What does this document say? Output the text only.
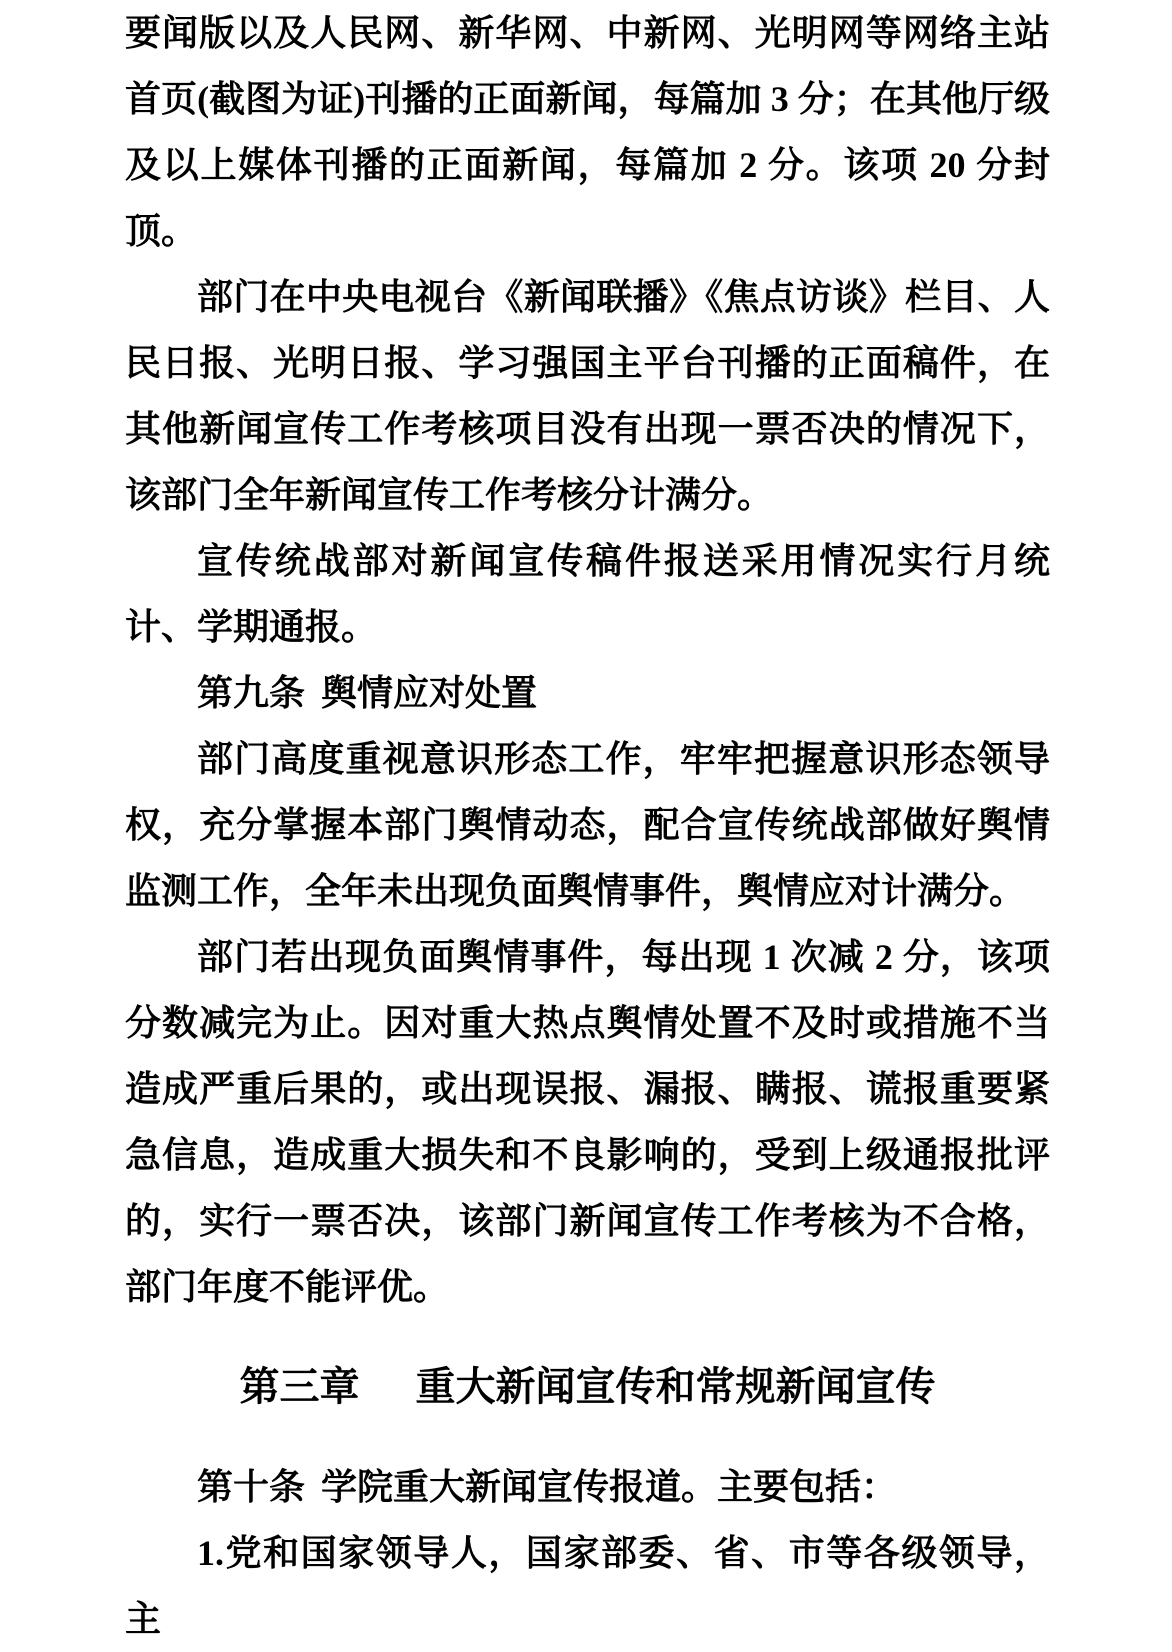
要闻版以及人民网、新华网、中新网、光明网等网络主站首页(截图为证)刊播的正面新闻，每篇加 3 分；在其他厅级及以上媒体刊播的正面新闻，每篇加 2 分。该项 20 分封顶。

部门在中央电视台《新闻联播》《焦点访谈》栏目、人民日报、光明日报、学习强国主平台刊播的正面稿件，在其他新闻宣传工作考核项目没有出现一票否决的情况下，该部门全年新闻宣传工作考核分计满分。

宣传统战部对新闻宣传稿件报送采用情况实行月统计、学期通报。

第九条 舆情应对处置

部门高度重视意识形态工作，牢牢把握意识形态领导权，充分掌握本部门舆情动态，配合宣传统战部做好舆情监测工作，全年未出现负面舆情事件，舆情应对计满分。

部门若出现负面舆情事件，每出现 1 次减 2 分，该项分数减完为止。因对重大热点舆情处置不及时或措施不当造成严重后果的，或出现误报、漏报、瞒报、谎报重要紧急信息，造成重大损失和不良影响的，受到上级通报批评的，实行一票否决，该部门新闻宣传工作考核为不合格，部门年度不能评优。

第三章 重大新闻宣传和常规新闻宣传

第十条 学院重大新闻宣传报道。主要包括：

1.党和国家领导人，国家部委、省、市等各级领导，主
